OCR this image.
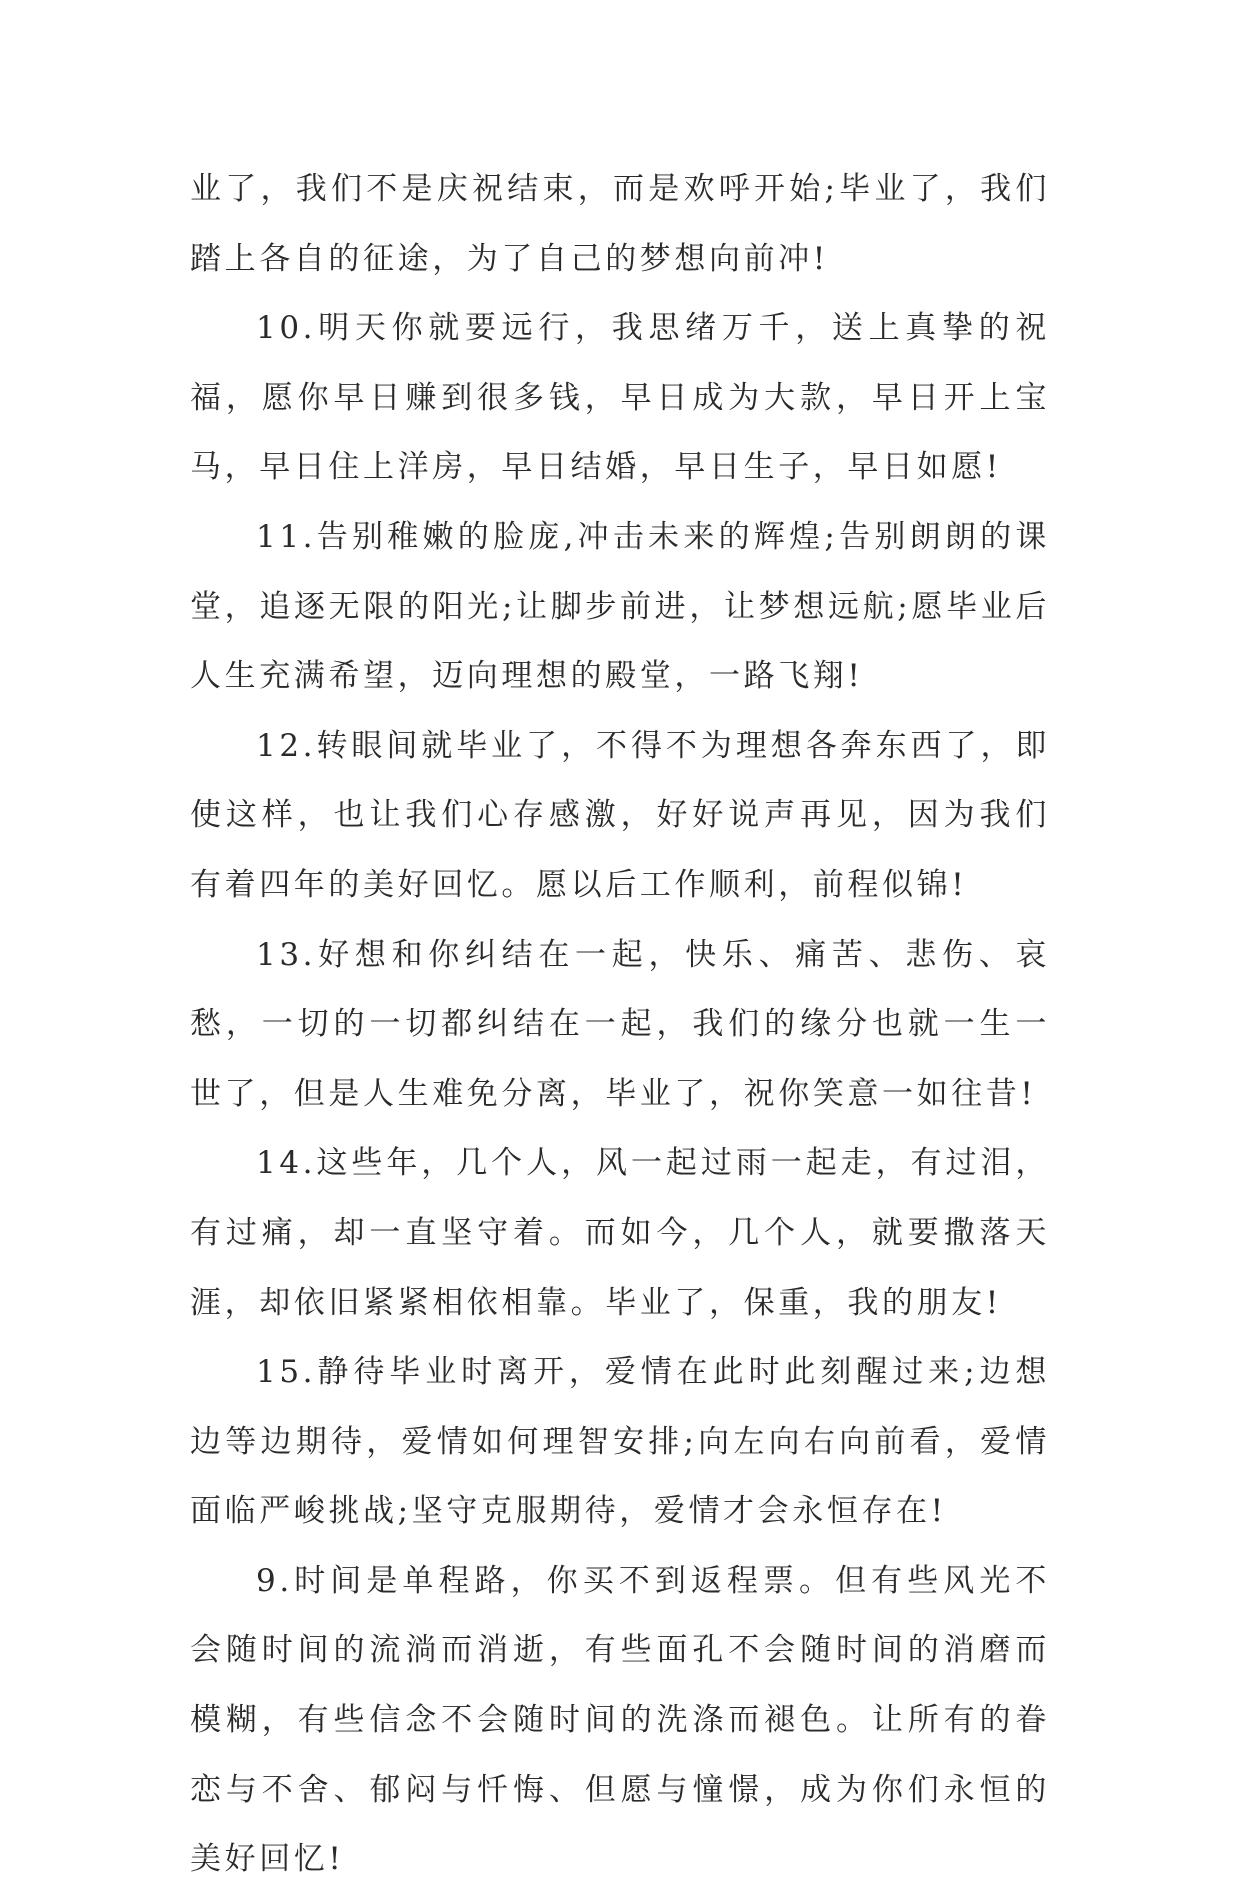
业了，我们不是庆祝结束，而是欢呼开始;毕业了，我们踏上各自的征途，为了自己的梦想向前冲!

10.明天你就要远行，我思绪万千，送上真挚的祝福，愿你早日赚到很多钱，早日成为大款，早日开上宝马，早日住上洋房，早日结婚，早日生子，早日如愿!

11.告别稚嫩的脸庞,冲击未来的辉煌;告别朗朗的课堂，追逐无限的阳光;让脚步前进，让梦想远航;愿毕业后人生充满希望，迈向理想的殿堂，一路飞翔!

12.转眼间就毕业了，不得不为理想各奔东西了，即使这样，也让我们心存感激，好好说声再见，因为我们有着四年的美好回忆。愿以后工作顺利，前程似锦!

13.好想和你纠结在一起，快乐、痛苦、悲伤、哀愁，一切的一切都纠结在一起，我们的缘分也就一生一世了，但是人生难免分离，毕业了，祝你笑意一如往昔!

14.这些年，几个人，风一起过雨一起走，有过泪，有过痛，却一直坚守着。而如今，几个人，就要撒落天涯，却依旧紧紧相依相靠。毕业了，保重，我的朋友!

15.静待毕业时离开，爱情在此时此刻醒过来;边想边等边期待，爱情如何理智安排;向左向右向前看，爱情面临严峻挑战;坚守克服期待，爱情才会永恒存在!

9.时间是单程路，你买不到返程票。但有些风光不会随时间的流淌而消逝，有些面孔不会随时间的消磨而模糊，有些信念不会随时间的洗涤而褪色。让所有的眷恋与不舍、郁闷与忏悔、但愿与憧憬，成为你们永恒的美好回忆!
